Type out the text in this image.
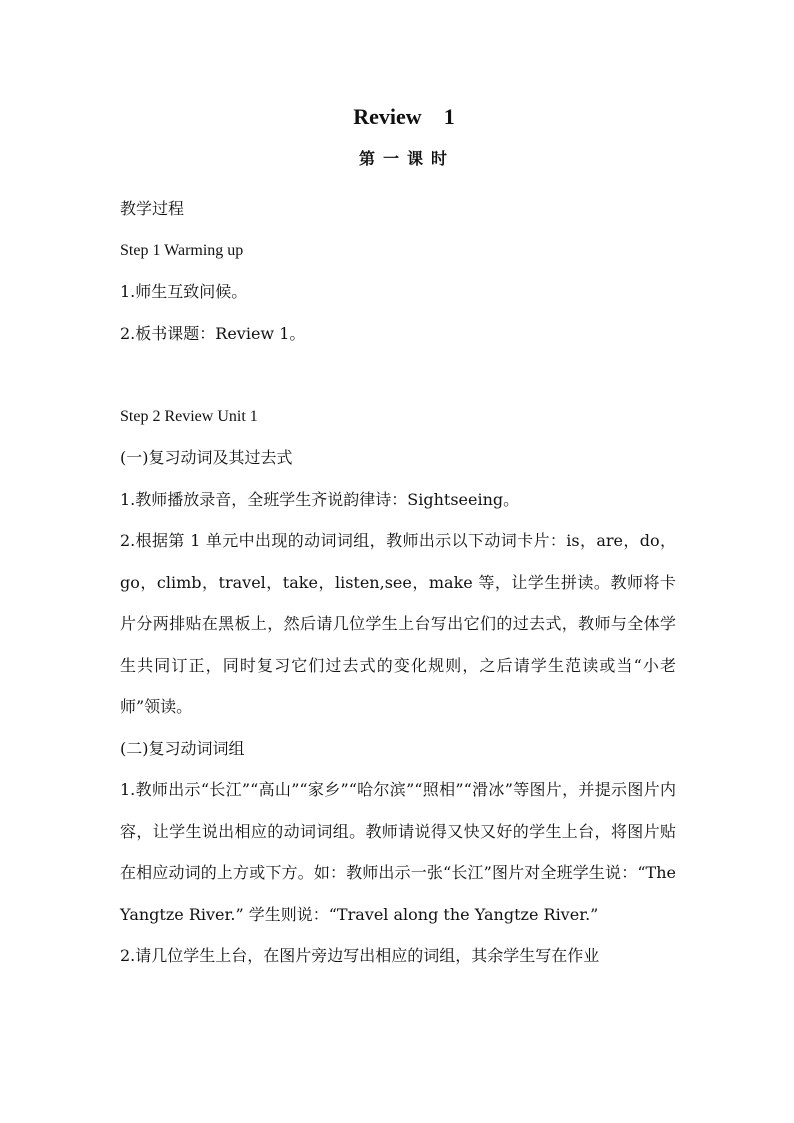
Review    1
第一课时

教学过程

Step 1 Warming up

1.师生互致问候。

2.板书课题：Review 1。

Step 2 Review Unit 1

(一)复习动词及其过去式

1.教师播放录音，全班学生齐说韵律诗：Sightseeing。

2.根据第 1 单元中出现的动词词组，教师出示以下动词卡片：is，are，do，go，climb，travel，take，listen,see，make 等，让学生拼读。教师将卡片分两排贴在黑板上，然后请几位学生上台写出它们的过去式，教师与全体学生共同订正，同时复习它们过去式的变化规则，之后请学生范读或当“小老师”领读。

(二)复习动词词组

1.教师出示“长江”“高山”“家乡”“哈尔滨”“照相”“滑冰”等图片，并提示图片内容，让学生说出相应的动词词组。教师请说得又快又好的学生上台，将图片贴在相应动词的上方或下方。如：教师出示一张“长江”图片对全班学生说：“The Yangtze River.” 学生则说：“Travel along the Yangtze River.”

2.请几位学生上台，在图片旁边写出相应的词组，其余学生写在作业
